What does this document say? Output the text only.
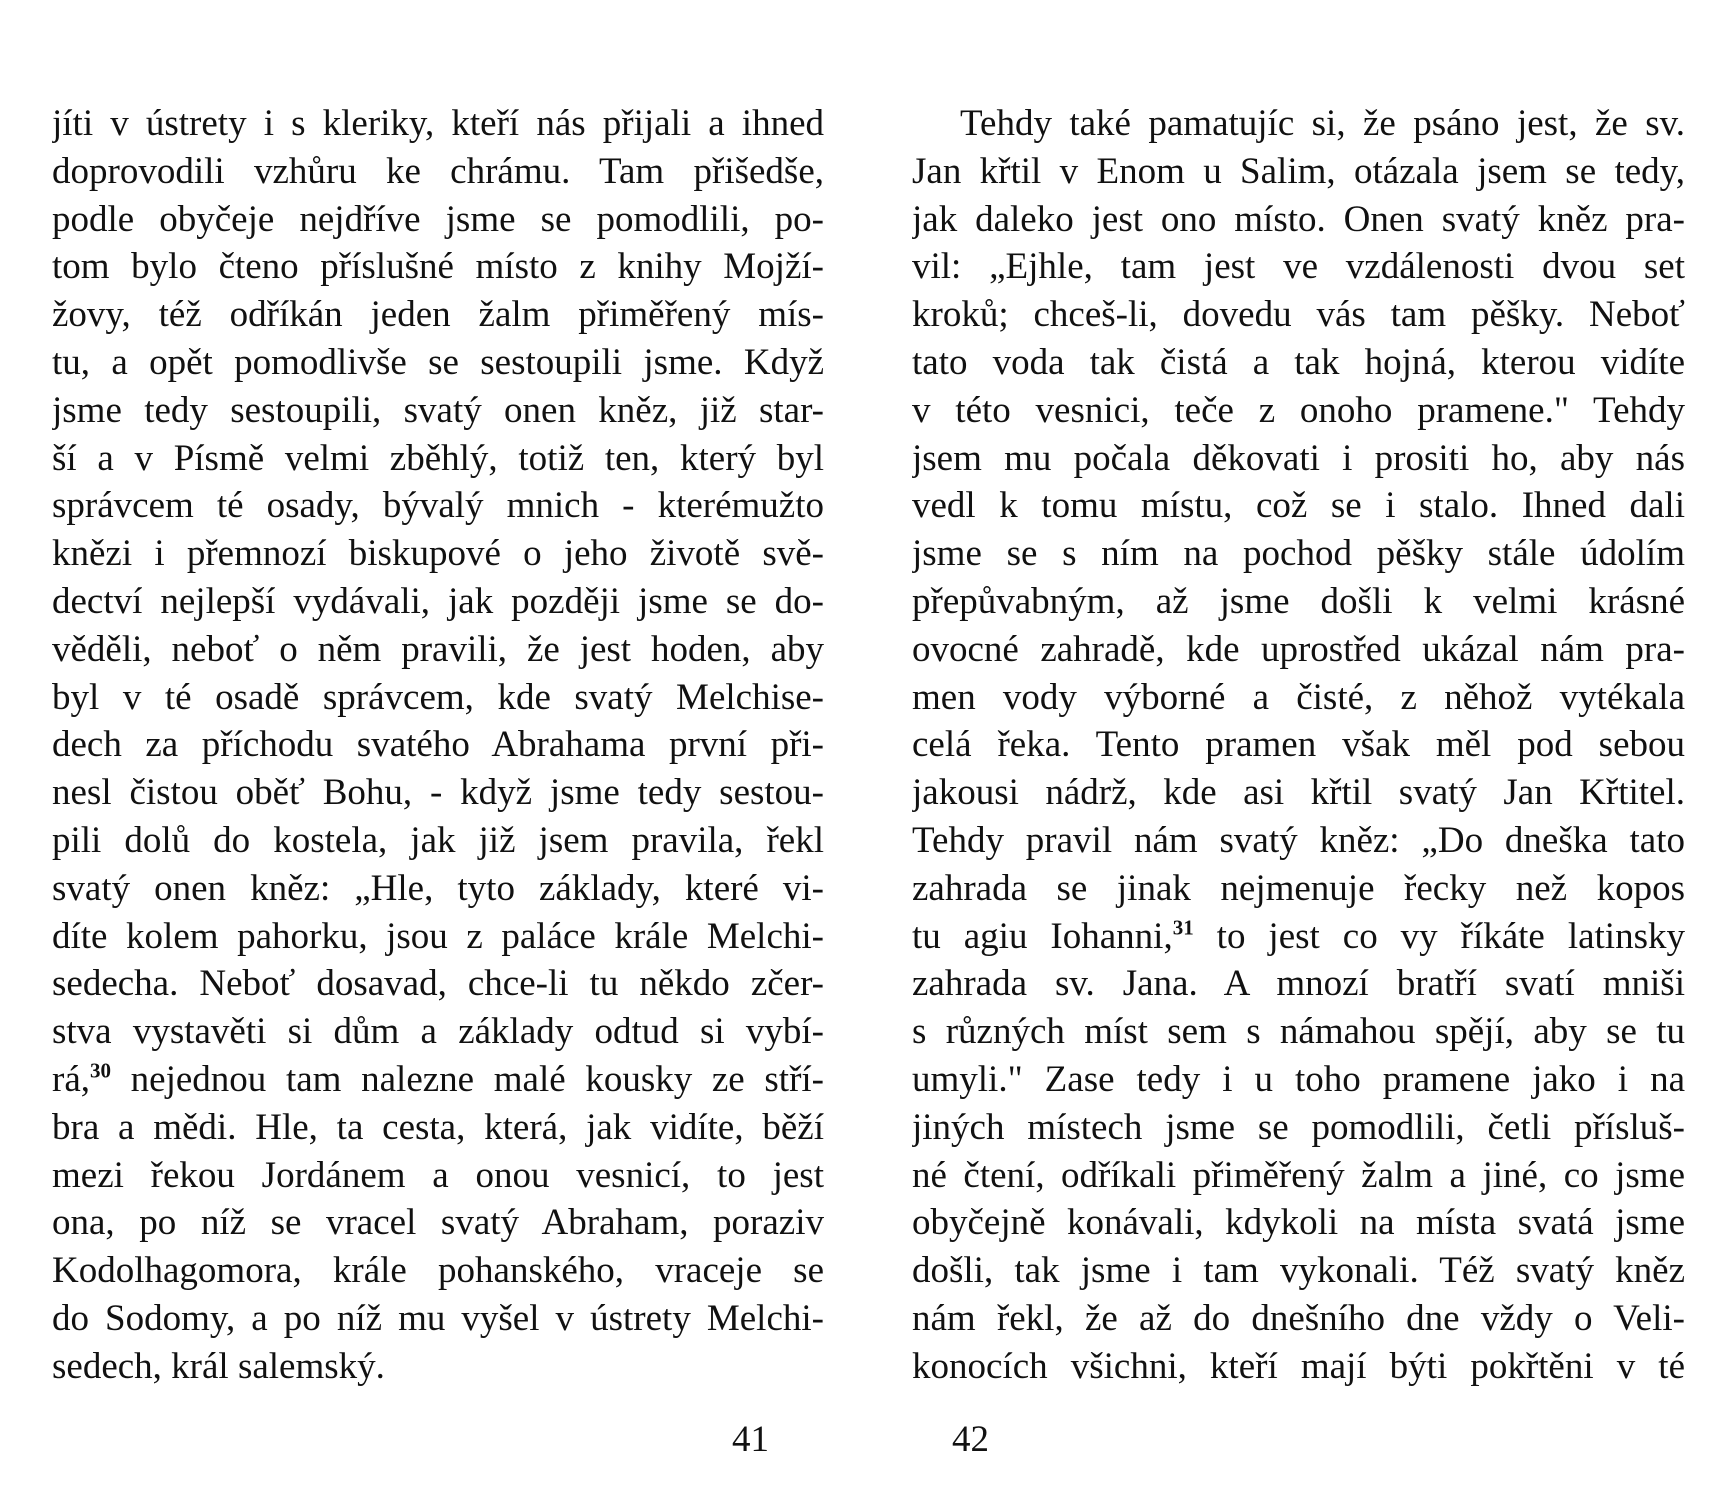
jíti v ústrety i s kleriky, kteří nás přijali a ihned
doprovodili vzhůru ke chrámu. Tam přišedše,
podle obyčeje nejdříve jsme se pomodlili, po-
tom bylo čteno příslušné místo z knihy Mojží-
žovy, též odříkán jeden žalm přiměřený mís-
tu, a opět pomodlivše se sestoupili jsme. Když
jsme tedy sestoupili, svatý onen kněz, již star-
ší a v Písmě velmi zběhlý, totiž ten, který byl
správcem té osady, bývalý mnich - kterémužto
knězi i přemnozí biskupové o jeho životě svě-
dectví nejlepší vydávali, jak později jsme se do-
věděli, neboť o něm pravili, že jest hoden, aby
byl v té osadě správcem, kde svatý Melchise-
dech za příchodu svatého Abrahama první při-
nesl čistou oběť Bohu, - když jsme tedy sestou-
pili dolů do kostela, jak již jsem pravila, řekl
svatý onen kněz: „Hle, tyto základy, které vi-
díte kolem pahorku, jsou z paláce krále Melchi-
sedecha. Neboť dosavad, chce-li tu někdo zčer-
stva vystavěti si dům a základy odtud si vybí-
rá,$^{30}$ nejednou tam nalezne malé kousky ze stří-
bra a mědi. Hle, ta cesta, která, jak vidíte, běží
mezi řekou Jordánem a onou vesnicí, to jest
ona, po níž se vracel svatý Abraham, poraziv
Kodolhagomora, krále pohanského, vraceje se
do Sodomy, a po níž mu vyšel v ústrety Melchi-
sedech, král salemský.
Tehdy také pamatujíc si, že psáno jest, že sv.
Jan křtil v Enom u Salim, otázala jsem se tedy,
jak daleko jest ono místo. Onen svatý kněz pra-
vil: „Ejhle, tam jest ve vzdálenosti dvou set
kroků; chceš-li, dovedu vás tam pěšky. Neboť
tato voda tak čistá a tak hojná, kterou vidíte
v této vesnici, teče z onoho pramene." Tehdy
jsem mu počala děkovati i prositi ho, aby nás
vedl k tomu místu, což se i stalo. Ihned dali
jsme se s ním na pochod pěšky stále údolím
přepůvabným, až jsme došli k velmi krásné
ovocné zahradě, kde uprostřed ukázal nám pra-
men vody výborné a čisté, z něhož vytékala
celá řeka. Tento pramen však měl pod sebou
jakousi nádrž, kde asi křtil svatý Jan Křtitel.
Tehdy pravil nám svatý kněz: „Do dneška tato
zahrada se jinak nejmenuje řecky než kopos
tu agiu Iohanni,$^{31}$ to jest co vy říkáte latinsky
zahrada sv. Jana. A mnozí bratří svatí mniši
s různých míst sem s námahou spějí, aby se tu
umyli." Zase tedy i u toho pramene jako i na
jiných místech jsme se pomodlili, četli přísluš-
né čtení, odříkali přiměřený žalm a jiné, co jsme
obyčejně konávali, kdykoli na místa svatá jsme
došli, tak jsme i tam vykonali. Též svatý kněz
nám řekl, že až do dnešního dne vždy o Veli-
konocích všichni, kteří mají býti pokřtěni v té
41	42
